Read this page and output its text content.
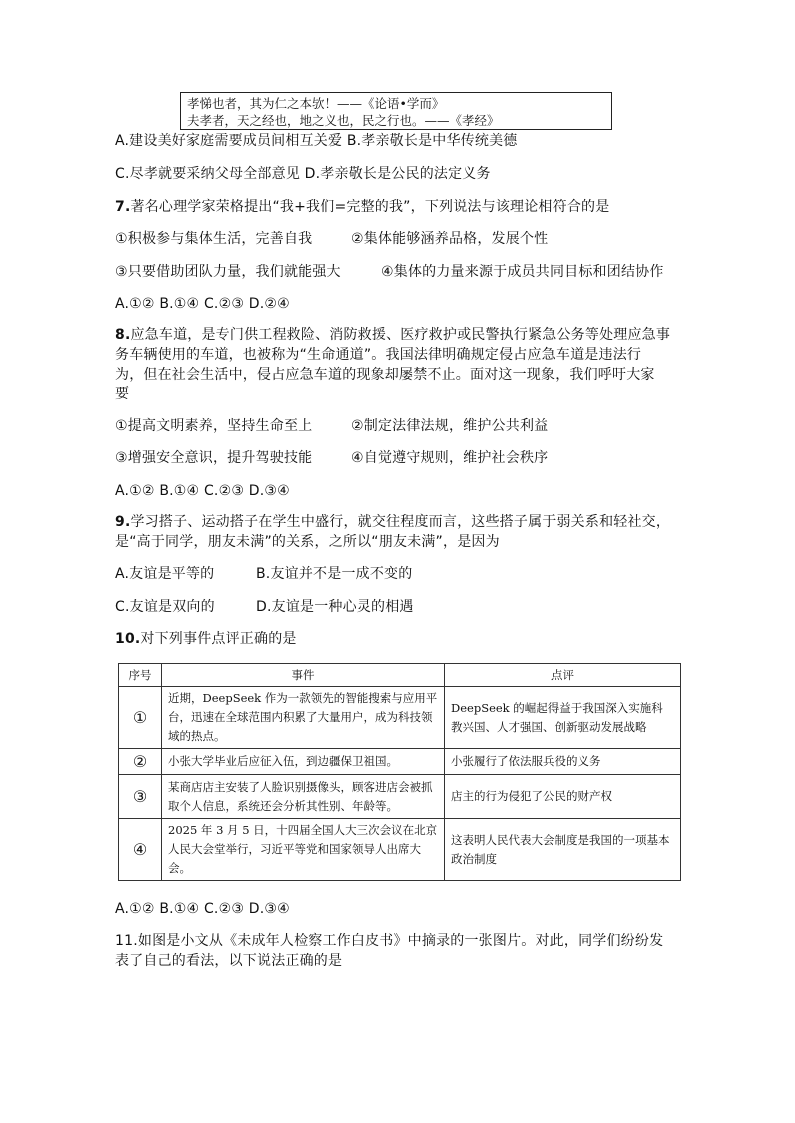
孝悌也者，其为仁之本欤！——《论语•学而》
夫孝者，天之经也，地之义也，民之行也。——《孝经》
A.建设美好家庭需要成员间相互关爱 B.孝亲敬长是中华传统美德
C.尽孝就要采纳父母全部意见 D.孝亲敬长是公民的法定义务
7.著名心理学家荣格提出“我+我们=完整的我”，下列说法与该理论相符合的是
①积极参与集体生活，完善自我	②集体能够涵养品格，发展个性
③只要借助团队力量，我们就能强大	④集体的力量来源于成员共同目标和团结协作
A.①② B.①④ C.②③ D.②④
8.应急车道，是专门供工程救险、消防救援、医疗救护或民警执行紧急公务等处理应急事
务车辆使用的车道，也被称为“生命通道”。我国法律明确规定侵占应急车道是违法行
为，但在社会生活中，侵占应急车道的现象却屡禁不止。面对这一现象，我们呼吁大家
要
①提高文明素养，坚持生命至上	②制定法律法规，维护公共利益
③增强安全意识，提升驾驶技能	④自觉遵守规则，维护社会秩序
A.①② B.①④ C.②③ D.③④
9.学习搭子、运动搭子在学生中盛行，就交往程度而言，这些搭子属于弱关系和轻社交，
是“高于同学，朋友未满”的关系，之所以“朋友未满”，是因为
A.友谊是平等的	B.友谊并不是一成不变的
C.友谊是双向的	D.友谊是一种心灵的相遇
10.对下列事件点评正确的是
序号	事件	点评
①	近期，DeepSeek 作为一款领先的智能搜索与应用平台，迅速在全球范围内积累了大量用户，成为科技领域的热点。	DeepSeek 的崛起得益于我国深入实施科教兴国、人才强国、创新驱动发展战略
②	小张大学毕业后应征入伍，到边疆保卫祖国。	小张履行了依法服兵役的义务
③	某商店店主安装了人脸识别摄像头，顾客进店会被抓取个人信息，系统还会分析其性别、年龄等。	店主的行为侵犯了公民的财产权
④	2025 年 3 月 5 日，十四届全国人大三次会议在北京人民大会堂举行，习近平等党和国家领导人出席大会。	这表明人民代表大会制度是我国的一项基本政治制度
A.①② B.①④ C.②③ D.③④
11.如图是小文从《未成年人检察工作白皮书》中摘录的一张图片。对此，同学们纷纷发
表了自己的看法，以下说法正确的是
